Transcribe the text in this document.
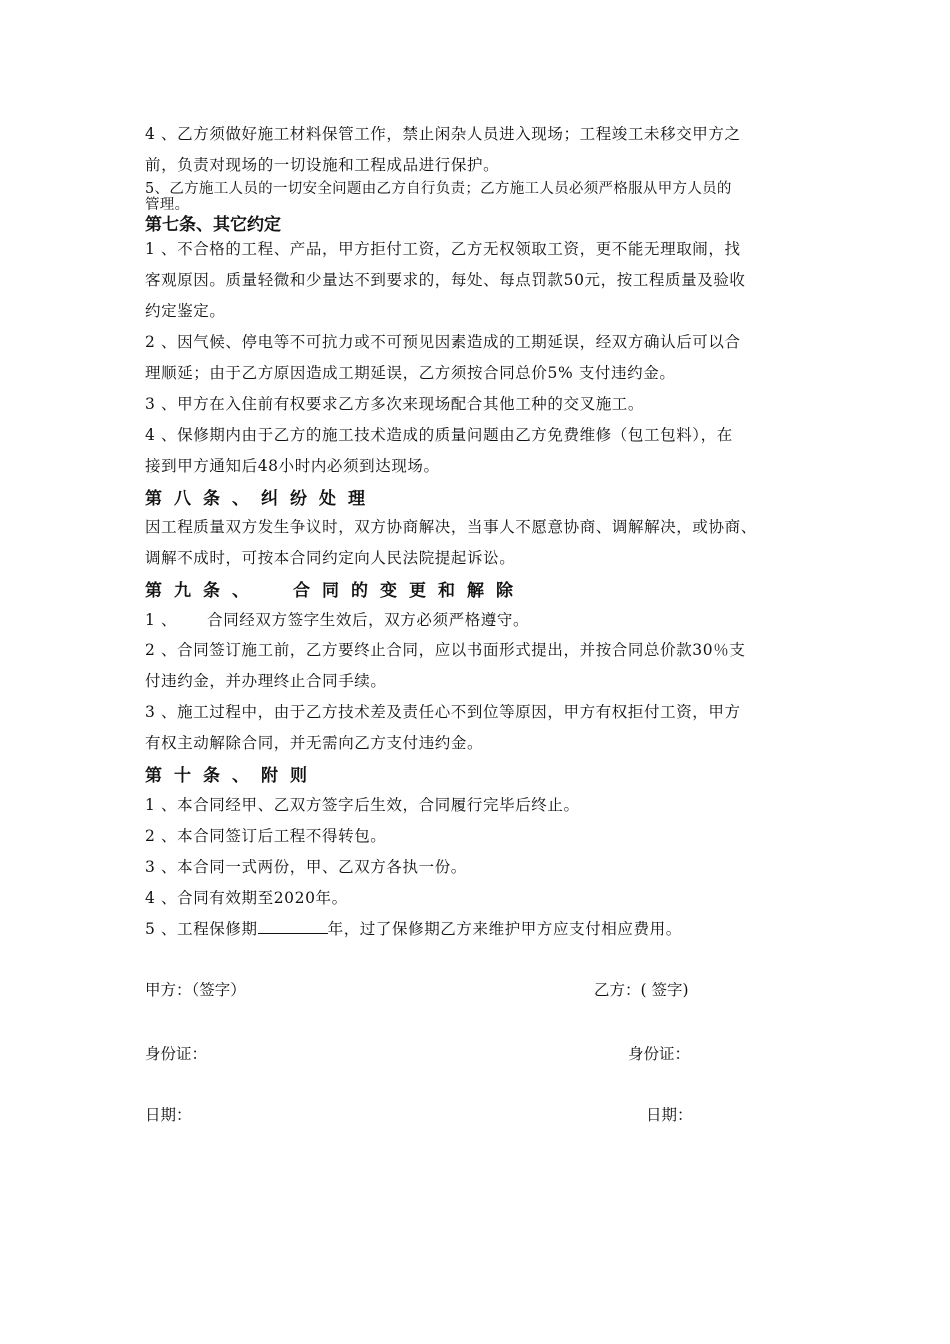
4 、乙方须做好施工材料保管工作，禁止闲杂人员进入现场；工程竣工未移交甲方之
前，负责对现场的一切设施和工程成品进行保护。
5、乙方施工人员的一切安全问题由乙方自行负责；乙方施工人员必须严格服从甲方人员的
管理。
第七条、其它约定
1 、不合格的工程、产品，甲方拒付工资，乙方无权领取工资，更不能无理取闹，找
客观原因。质量轻微和少量达不到要求的，每处、每点罚款50元，按工程质量及验收
约定鉴定。
2 、因气候、停电等不可抗力或不可预见因素造成的工期延误，经双方确认后可以合
理顺延；由于乙方原因造成工期延误，乙方须按合同总价5% 支付违约金。
3 、甲方在入住前有权要求乙方多次来现场配合其他工种的交叉施工。
4 、保修期内由于乙方的施工技术造成的质量问题由乙方免费维修（包工包料），在
接到甲方通知后48小时内必须到达现场。
第八条、纠纷处理
因工程质量双方发生争议时，双方协商解决，当事人不愿意协商、调解解决，或协商、
调解不成时，可按本合同约定向人民法院提起诉讼。
第九条、 合同的变更和解除
1 、 合同经双方签字生效后，双方必须严格遵守。
2 、合同签订施工前，乙方要终止合同，应以书面形式提出，并按合同总价款30％支
付违约金，并办理终止合同手续。
3 、施工过程中，由于乙方技术差及责任心不到位等原因，甲方有权拒付工资，甲方
有权主动解除合同，并无需向乙方支付违约金。
第十条、附则
1 、本合同经甲、乙双方签字后生效，合同履行完毕后终止。
2 、本合同签订后工程不得转包。
3 、本合同一式两份，甲、乙双方各执一份。
4 、合同有效期至2020年。
5 、工程保修期	年，过了保修期乙方来维护甲方应支付相应费用。
甲方：（签字）	乙方：( 签字)
身份证：	身份证：
日期：	日期：
